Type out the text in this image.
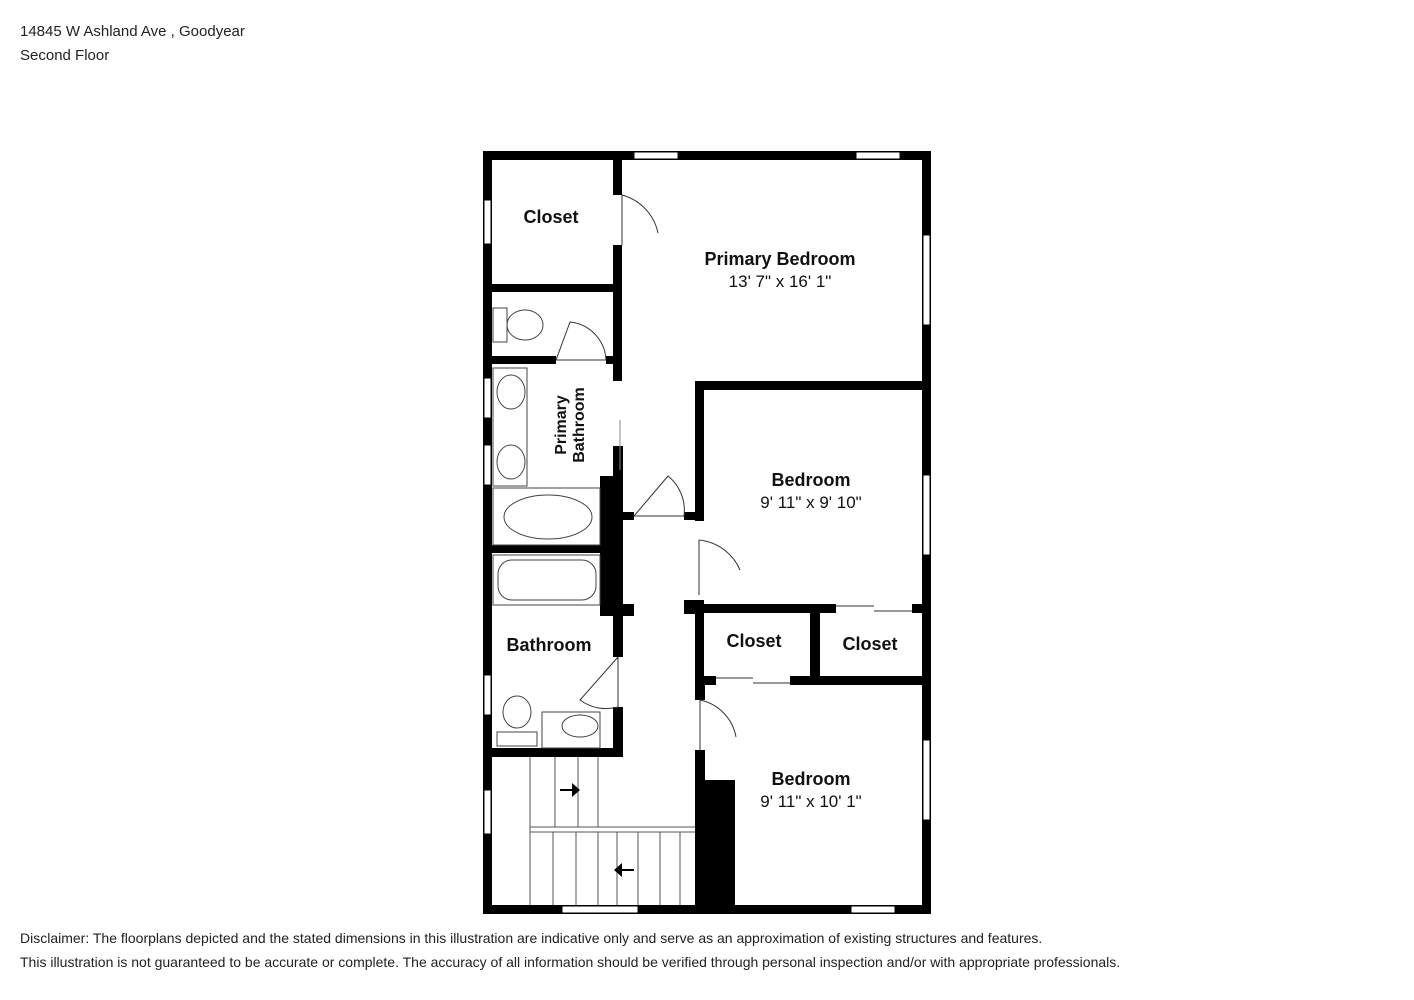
14845 W Ashland Ave , Goodyear
Second Floor
Closet
Primary Bedroom
13' 7" x 16' 1"
Primary Bathroom
Bedroom
9' 11" x 9' 10"
Closet	Closet
Bathroom
Bedroom
9' 11" x 10' 1"
Disclaimer: The floorplans depicted and the stated dimensions in this illustration are indicative only and serve as an approximation of existing structures and features.
This illustration is not guaranteed to be accurate or complete. The accuracy of all information should be verified through personal inspection and/or with appropriate professionals.
